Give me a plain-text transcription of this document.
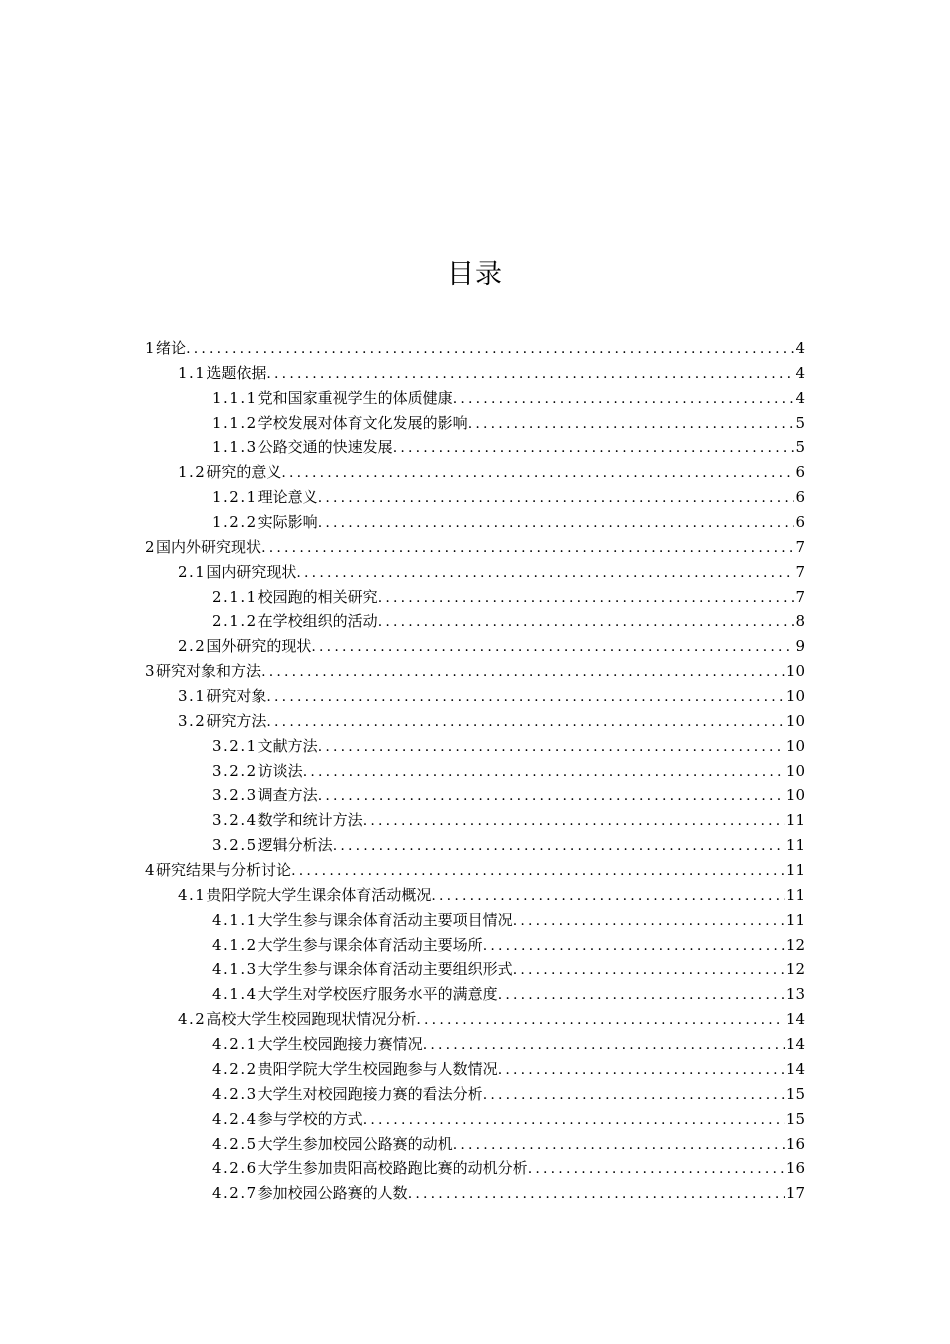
目录
1 绪论 .....	4
1.1 选题依据 .....	4
1.1.1 党和国家重视学生的体质健康 .....	4
1.1.2 学校发展对体育文化发展的影响 .....	5
1.1.3 公路交通的快速发展 .....	5
1.2 研究的意义 .....	6
1.2.1 理论意义 .....	6
1.2.2 实际影响 .....	6
2 国内外研究现状 .....	7
2.1 国内研究现状 .....	7
2.1.1 校园跑的相关研究 .....	7
2.1.2 在学校组织的活动 .....	8
2.2 国外研究的现状 .....	9
3 研究对象和方法 .....	10
3.1 研究对象 .....	10
3.2 研究方法 .....	10
3.2.1 文献方法 .....	10
3.2.2 访谈法 .....	10
3.2.3 调查方法 .....	10
3.2.4 数学和统计方法 .....	11
3.2.5 逻辑分析法 .....	11
4 研究结果与分析讨论 .....	11
4.1 贵阳学院大学生课余体育活动概况 .....	11
4.1.1 大学生参与课余体育活动主要项目情况 .....	11
4.1.2 大学生参与课余体育活动主要场所 .....	12
4.1.3 大学生参与课余体育活动主要组织形式 .....	12
4.1.4 大学生对学校医疗服务水平的满意度 .....	13
4.2 高校大学生校园跑现状情况分析 .....	14
4.2.1 大学生校园跑接力赛情况 .....	14
4.2.2 贵阳学院大学生校园跑参与人数情况 .....	14
4.2.3 大学生对校园跑接力赛的看法分析 .....	15
4.2.4 参与学校的方式 .....	15
4.2.5 大学生参加校园公路赛的动机 .....	16
4.2.6 大学生参加贵阳高校路跑比赛的动机分析 .....	16
4.2.7 参加校园公路赛的人数 .....	17
